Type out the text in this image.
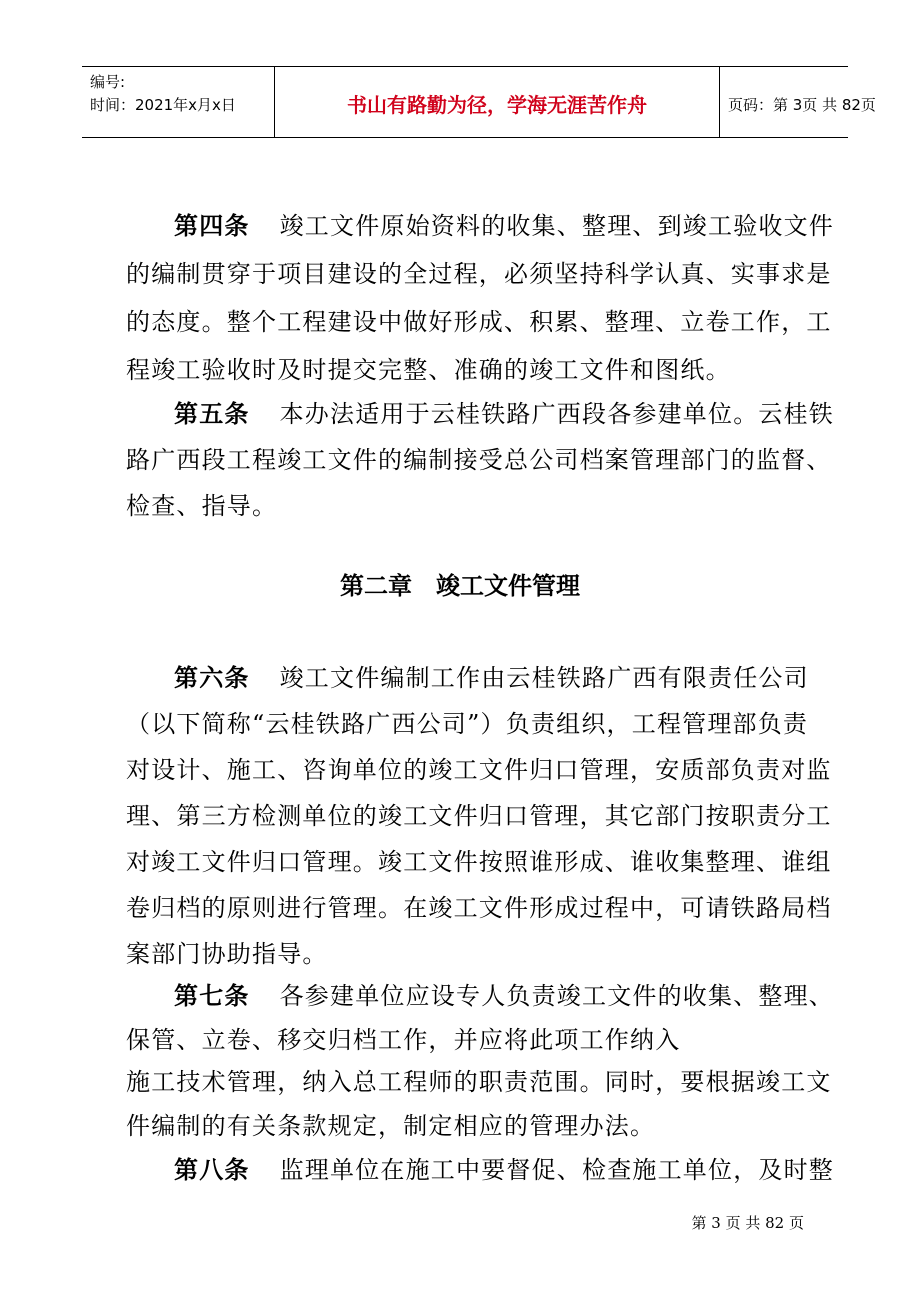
编号:
时间：2021年x月x日	书山有路勤为径，学海无涯苦作舟	页码：第 3页 共 82页
第四条 竣工文件原始资料的收集、整理、到竣工验收文件
的编制贯穿于项目建设的全过程，必须坚持科学认真、实事求是
的态度。整个工程建设中做好形成、积累、整理、立卷工作，工
程竣工验收时及时提交完整、准确的竣工文件和图纸。
第五条 本办法适用于云桂铁路广西段各参建单位。云桂铁
路广西段工程竣工文件的编制接受总公司档案管理部门的监督、
检查、指导。
第六条 竣工文件编制工作由云桂铁路广西有限责任公司
（以下简称“云桂铁路广西公司”）负责组织，工程管理部负责
对设计、施工、咨询单位的竣工文件归口管理，安质部负责对监
理、第三方检测单位的竣工文件归口管理，其它部门按职责分工
对竣工文件归口管理。竣工文件按照谁形成、谁收集整理、谁组
卷归档的原则进行管理。在竣工文件形成过程中，可请铁路局档
案部门协助指导。
第七条 各参建单位应设专人负责竣工文件的收集、整理、
保管、立卷、移交归档工作，并应将此项工作纳入
施工技术管理，纳入总工程师的职责范围。同时，要根据竣工文
件编制的有关条款规定，制定相应的管理办法。
第八条 监理单位在施工中要督促、检查施工单位，及时整
第二章　竣工文件管理
第 3 页 共 82 页
